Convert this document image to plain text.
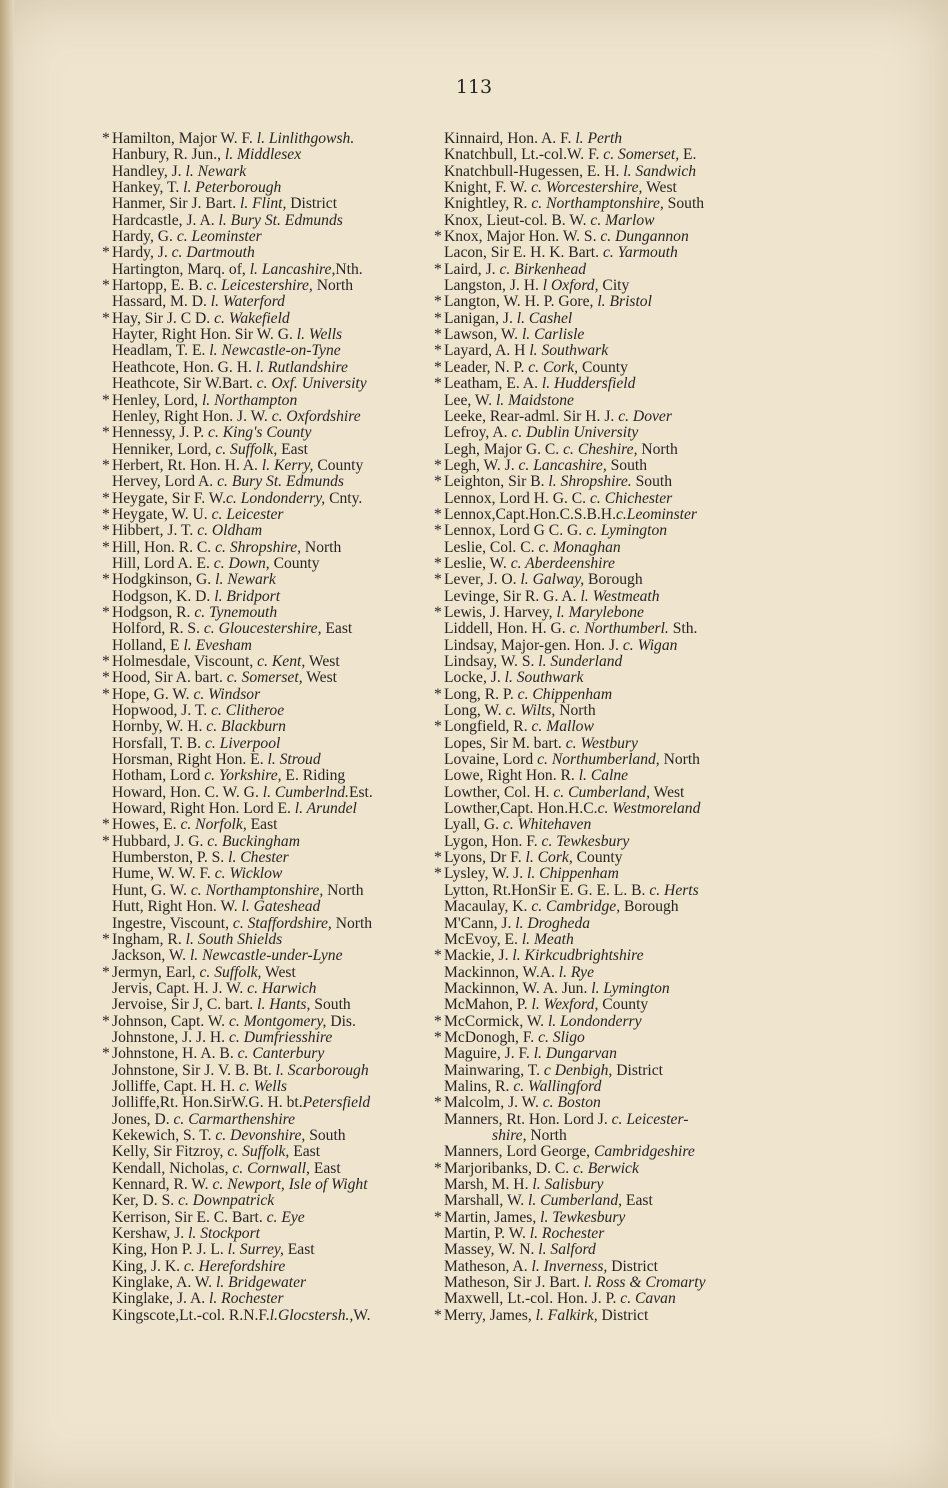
113
* Hamilton, Major W. F. l. Linlithgowsh.
Hanbury, R. Jun., l. Middlesex
Handley, J. l. Newark
Hankey, T. l. Peterborough
Hanmer, Sir J. Bart. l. Flint, District
Hardcastle, J. A. l. Bury St. Edmunds
Hardy, G. c. Leominster
* Hardy, J. c. Dartmouth
Hartington, Marq. of, l. Lancashire,Nth.
* Hartopp, E. B. c. Leicestershire, North
Hassard, M. D. l. Waterford
* Hay, Sir J. C D. c. Wakefield
Hayter, Right Hon. Sir W. G. l. Wells
Headlam, T. E. l. Newcastle-on-Tyne
Heathcote, Hon. G. H. l. Rutlandshire
Heathcote, Sir W.Bart. c. Oxf. University
* Henley, Lord, l. Northampton
Henley, Right Hon. J. W. c. Oxfordshire
* Hennessy, J. P. c. King's County
Henniker, Lord, c. Suffolk, East
* Herbert, Rt. Hon. H. A. l. Kerry, County
Hervey, Lord A. c. Bury St. Edmunds
* Heygate, Sir F. W.c. Londonderry, Cnty.
* Heygate, W. U. c. Leicester
* Hibbert, J. T. c. Oldham
* Hill, Hon. R. C. c. Shropshire, North
Hill, Lord A. E. c. Down, County
* Hodgkinson, G. l. Newark
Hodgson, K. D. l. Bridport
* Hodgson, R. c. Tynemouth
Holford, R. S. c. Gloucestershire, East
Holland, E l. Evesham
* Holmesdale, Viscount, c. Kent, West
* Hood, Sir A. bart. c. Somerset, West
* Hope, G. W. c. Windsor
Hopwood, J. T. c. Clitheroe
Hornby, W. H. c. Blackburn
Horsfall, T. B. c. Liverpool
Horsman, Right Hon. E. l. Stroud
Hotham, Lord c. Yorkshire, E. Riding
Howard, Hon. C. W. G. l. Cumberlnd.Est.
Howard, Right Hon. Lord E. l. Arundel
* Howes, E. c. Norfolk, East
* Hubbard, J. G. c. Buckingham
Humberston, P. S. l. Chester
Hume, W. W. F. c. Wicklow
Hunt, G. W. c. Northamptonshire, North
Hutt, Right Hon. W. l. Gateshead
Ingestre, Viscount, c. Staffordshire, North
* Ingham, R. l. South Shields
Jackson, W. l. Newcastle-under-Lyne
* Jermyn, Earl, c. Suffolk, West
Jervis, Capt. H. J. W. c. Harwich
Jervoise, Sir J, C. bart. l. Hants, South
* Johnson, Capt. W. c. Montgomery, Dis.
Johnstone, J. J. H. c. Dumfriesshire
* Johnstone, H. A. B. c. Canterbury
Johnstone, Sir J. V. B. Bt. l. Scarborough
Jolliffe, Capt. H. H. c. Wells
Jolliffe,Rt. Hon.SirW.G. H. bt.Petersfield
Jones, D. c. Carmarthenshire
Kekewich, S. T. c. Devonshire, South
Kelly, Sir Fitzroy, c. Suffolk, East
Kendall, Nicholas, c. Cornwall, East
Kennard, R. W. c. Newport, Isle of Wight
Ker, D. S. c. Downpatrick
Kerrison, Sir E. C. Bart. c. Eye
Kershaw, J. l. Stockport
King, Hon P. J. L. l. Surrey, East
King, J. K. c. Herefordshire
Kinglake, A. W. l. Bridgewater
Kinglake, J. A. l. Rochester
Kingscote,Lt.-col. R.N.F.l.Glocstersh.,W.
Kinnaird, Hon. A. F. l. Perth
Knatchbull, Lt.-col.W. F. c. Somerset, E.
Knatchbull-Hugessen, E. H. l. Sandwich
Knight, F. W. c. Worcestershire, West
Knightley, R. c. Northamptonshire, South
Knox, Lieut-col. B. W. c. Marlow
* Knox, Major Hon. W. S. c. Dungannon
Lacon, Sir E. H. K. Bart. c. Yarmouth
* Laird, J. c. Birkenhead
Langston, J. H. l Oxford, City
* Langton, W. H. P. Gore, l. Bristol
* Lanigan, J. l. Cashel
* Lawson, W. l. Carlisle
* Layard, A. H l. Southwark
* Leader, N. P. c. Cork, County
* Leatham, E. A. l. Huddersfield
Lee, W. l. Maidstone
Leeke, Rear-adml. Sir H. J. c. Dover
Lefroy, A. c. Dublin University
Legh, Major G. C. c. Cheshire, North
* Legh, W. J. c. Lancashire, South
* Leighton, Sir B. l. Shropshire. South
Lennox, Lord H. G. C. c. Chichester
* Lennox,Capt.Hon.C.S.B.H.c.Leominster
* Lennox, Lord G C. G. c. Lymington
Leslie, Col. C. c. Monaghan
* Leslie, W. c. Aberdeenshire
* Lever, J. O. l. Galway, Borough
Levinge, Sir R. G. A. l. Westmeath
* Lewis, J. Harvey, l. Marylebone
Liddell, Hon. H. G. c. Northumberl. Sth.
Lindsay, Major-gen. Hon. J. c. Wigan
Lindsay, W. S. l. Sunderland
Locke, J. l. Southwark
* Long, R. P. c. Chippenham
Long, W. c. Wilts, North
* Longfield, R. c. Mallow
Lopes, Sir M. bart. c. Westbury
Lovaine, Lord c. Northumberland, North
Lowe, Right Hon. R. l. Calne
Lowther, Col. H. c. Cumberland, West
Lowther,Capt. Hon.H.C.c. Westmoreland
Lyall, G. c. Whitehaven
Lygon, Hon. F. c. Tewkesbury
* Lyons, Dr F. l. Cork, County
* Lysley, W. J. l. Chippenham
Lytton, Rt.HonSir E. G. E. L. B. c. Herts
Macaulay, K. c. Cambridge, Borough
M'Cann, J. l. Drogheda
McEvoy, E. l. Meath
* Mackie, J. l. Kirkcudbrightshire
Mackinnon, W.A. l. Rye
Mackinnon, W. A. Jun. l. Lymington
McMahon, P. l. Wexford, County
* McCormick, W. l. Londonderry
* McDonogh, F. c. Sligo
Maguire, J. F. l. Dungarvan
Mainwaring, T. c Denbigh, District
Malins, R. c. Wallingford
* Malcolm, J. W. c. Boston
Manners, Rt. Hon. Lord J. c. Leicester-
shire, North
Manners, Lord George, Cambridgeshire
* Marjoribanks, D. C. c. Berwick
Marsh, M. H. l. Salisbury
Marshall, W. l. Cumberland, East
* Martin, James, l. Tewkesbury
Martin, P. W. l. Rochester
Massey, W. N. l. Salford
Matheson, A. l. Inverness, District
Matheson, Sir J. Bart. l. Ross & Cromarty
Maxwell, Lt.-col. Hon. J. P. c. Cavan
* Merry, James, l. Falkirk, District
